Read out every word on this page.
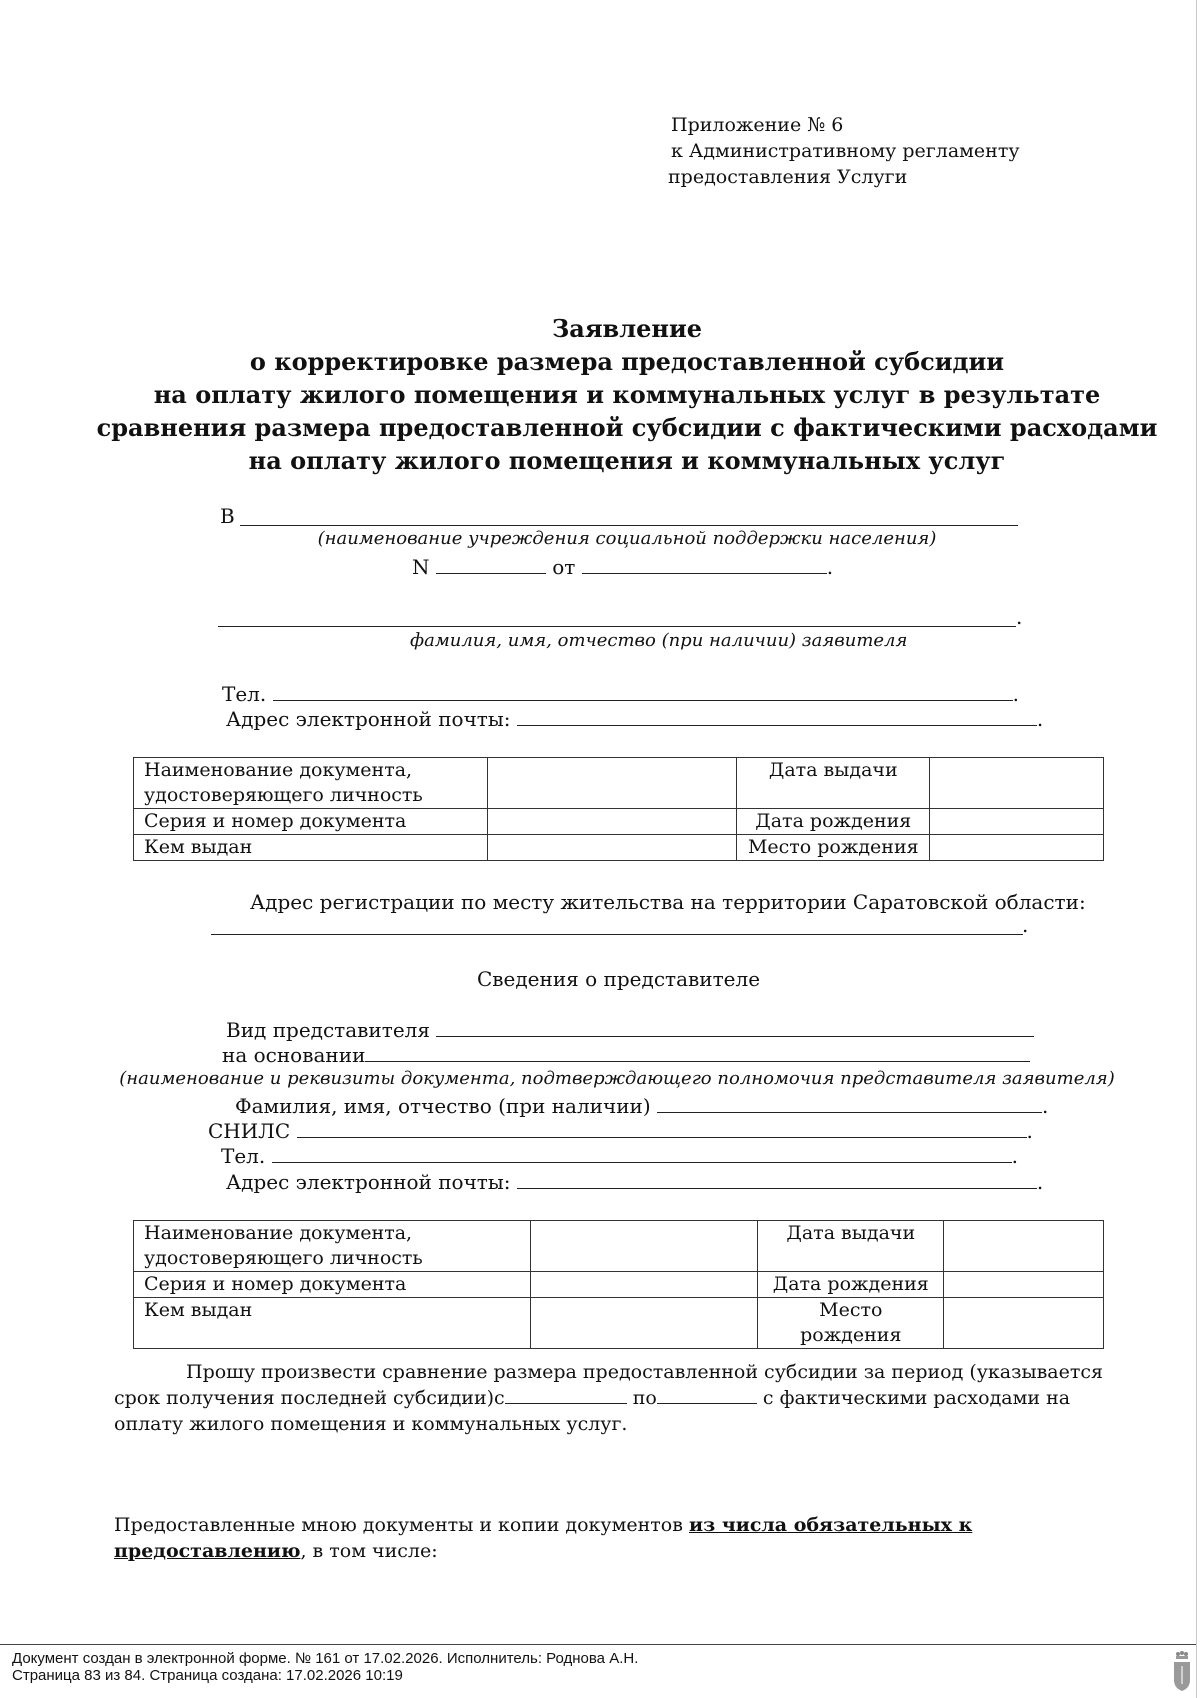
Приложение № 6
к Административному регламенту
предоставления Услуги
Заявление
о корректировке размера предоставленной субсидии
на оплату жилого помещения и коммунальных услуг в результате
сравнения размера предоставленной субсидии с фактическими расходами
на оплату жилого помещения и коммунальных услуг
В
(наименование учреждения социальной поддержки населения)
N	от	.
.
фамилия, имя, отчество (при наличии) заявителя
Тел.	.
Адрес электронной почты:	.
Наименование документа, удостоверяющего личность		Дата выдачи	
Серия и номер документа		Дата рождения	
Кем выдан		Место рождения	
Адрес регистрации по месту жительства на территории Саратовской области:
.
Сведения о представителе
Вид представителя
на основании
(наименование и реквизиты документа, подтверждающего полномочия представителя заявителя)
Фамилия, имя, отчество (при наличии)	.
СНИЛС	.
Тел.	.
Адрес электронной почты:	.
Наименование документа, удостоверяющего личность		Дата выдачи	
Серия и номер документа		Дата рождения	
Кем выдан		Место рождения	
Прошу произвести сравнение размера предоставленной субсидии за период (указывается срок получения последней субсидии)с	по	с фактическими расходами на оплату жилого помещения и коммунальных услуг.
Предоставленные мною документы и копии документов из числа обязательных к предоставлению, в том числе:
Документ создан в электронной форме. № 161 от 17.02.2026. Исполнитель: Роднова А.Н.
Страница 83 из 84. Страница создана: 17.02.2026 10:19
